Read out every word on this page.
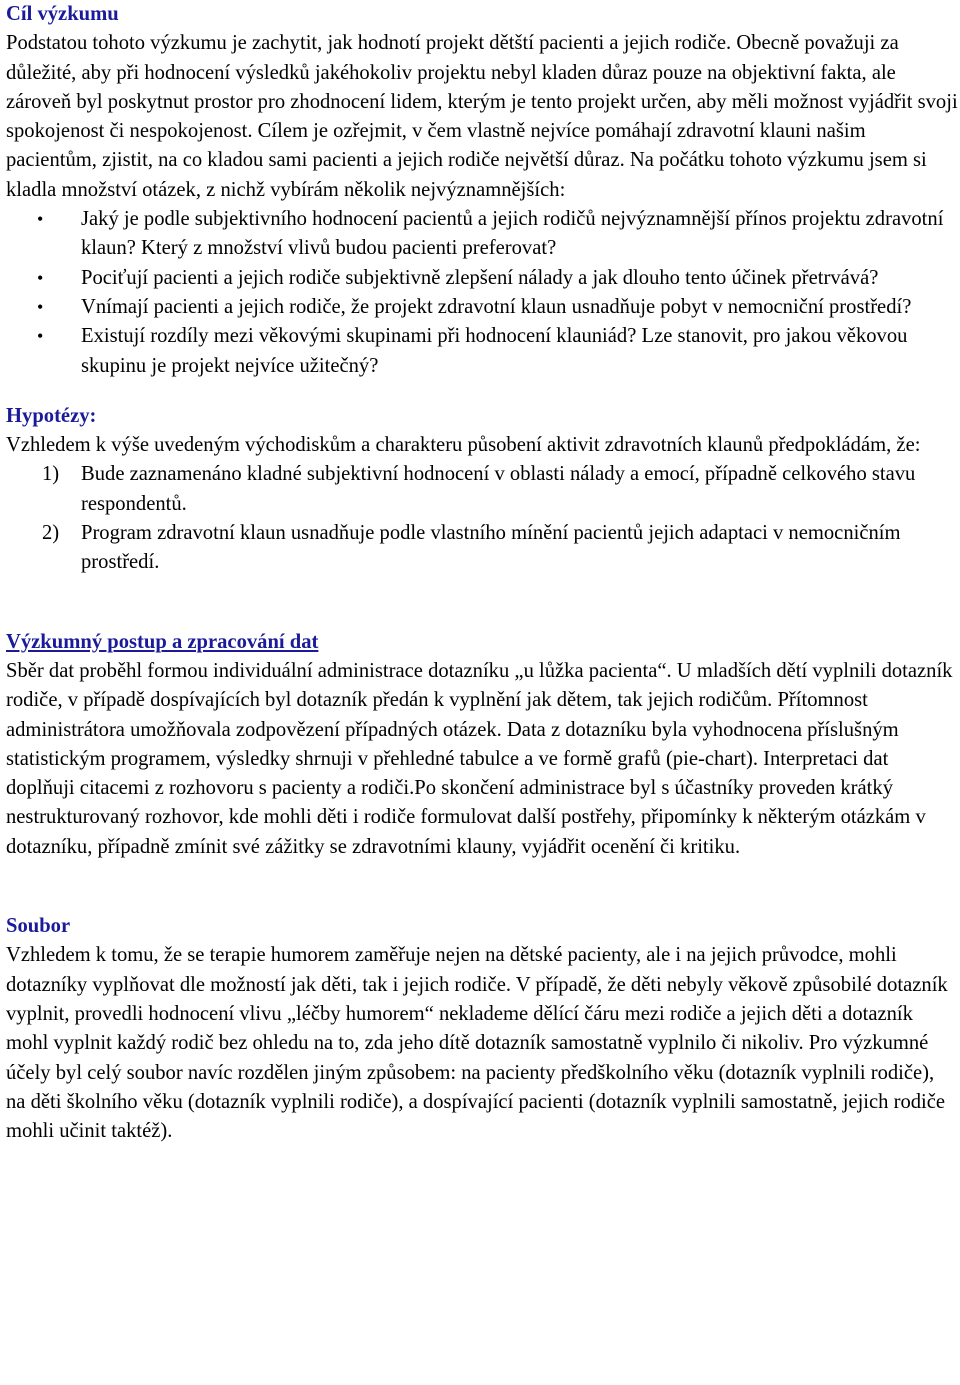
Cíl výzkumu

Podstatou tohoto výzkumu je zachytit, jak hodnotí projekt dětští pacienti a jejich rodiče. Obecně považuji za důležité, aby při hodnocení výsledků jakéhokoliv projektu nebyl kladen důraz pouze na objektivní fakta, ale zároveň byl poskytnut prostor pro zhodnocení lidem, kterým je tento projekt určen, aby měli možnost vyjádřit svoji spokojenost či nespokojenost. Cílem je ozřejmit, v čem vlastně nejvíce pomáhají zdravotní klauni našim pacientům, zjistit, na co kladou sami pacienti a jejich rodiče největší důraz. Na počátku tohoto výzkumu jsem si kladla množství otázek, z nichž vybírám několik nejvýznamnějších:

• Jaký je podle subjektivního hodnocení pacientů a jejich rodičů nejvýznamnější přínos projektu zdravotní klaun? Který z množství vlivů budou pacienti preferovat?
• Pociťují pacienti a jejich rodiče subjektivně zlepšení nálady a jak dlouho tento účinek přetrvává?
• Vnímají pacienti a jejich rodiče, že projekt zdravotní klaun usnadňuje pobyt v nemocniční prostředí?
• Existují rozdíly mezi věkovými skupinami při hodnocení klauniád? Lze stanovit, pro jakou věkovou skupinu je projekt nejvíce užitečný?
Hypotézy:

Vzhledem k výše uvedeným východiskům a charakteru působení aktivit zdravotních klaunů předpokládám, že:

1) Bude zaznamenáno kladné subjektivní hodnocení v oblasti nálady a emocí, případně celkového stavu respondentů.
2) Program zdravotní klaun usnadňuje podle vlastního mínění pacientů jejich adaptaci v nemocničním prostředí.
Výzkumný postup a zpracování dat

Sběr dat proběhl formou individuální administrace dotazníku „u lůžka pacienta“. U mladších dětí vyplnili dotazník rodiče, v případě dospívajících byl dotazník předán k vyplnění jak dětem, tak jejich rodičům. Přítomnost administrátora umožňovala zodpovězení případných otázek. Data z dotazníku byla vyhodnocena příslušným statistickým programem, výsledky shrnuji v přehledné tabulce a ve formě grafů (pie-chart). Interpretaci dat doplňuji citacemi z rozhovoru s pacienty a rodiči.Po skončení administrace byl s účastníky proveden krátký nestrukturovaný rozhovor, kde mohli děti i rodiče formulovat další postřehy, připomínky k některým otázkám v dotazníku, případně zmínit své zážitky se zdravotními klauny, vyjádřit ocenění či kritiku.

Soubor

Vzhledem k tomu, že se terapie humorem zaměřuje nejen na dětské pacienty, ale i na jejich průvodce, mohli dotazníky vyplňovat dle možností jak děti, tak i jejich rodiče. V případě, že děti nebyly věkově způsobilé dotazník vyplnit, provedli hodnocení vlivu „léčby humorem“ neklademe dělící čáru mezi rodiče a jejich děti a dotazník mohl vyplnit každý rodič bez ohledu na to, zda jeho dítě dotazník samostatně vyplnilo či nikoliv. Pro výzkumné účely byl celý soubor navíc rozdělen jiným způsobem: na pacienty předškolního věku (dotazník vyplnili rodiče), na děti školního věku (dotazník vyplnili rodiče), a dospívající pacienti (dotazník vyplnili samostatně, jejich rodiče mohli učinit taktéž).
